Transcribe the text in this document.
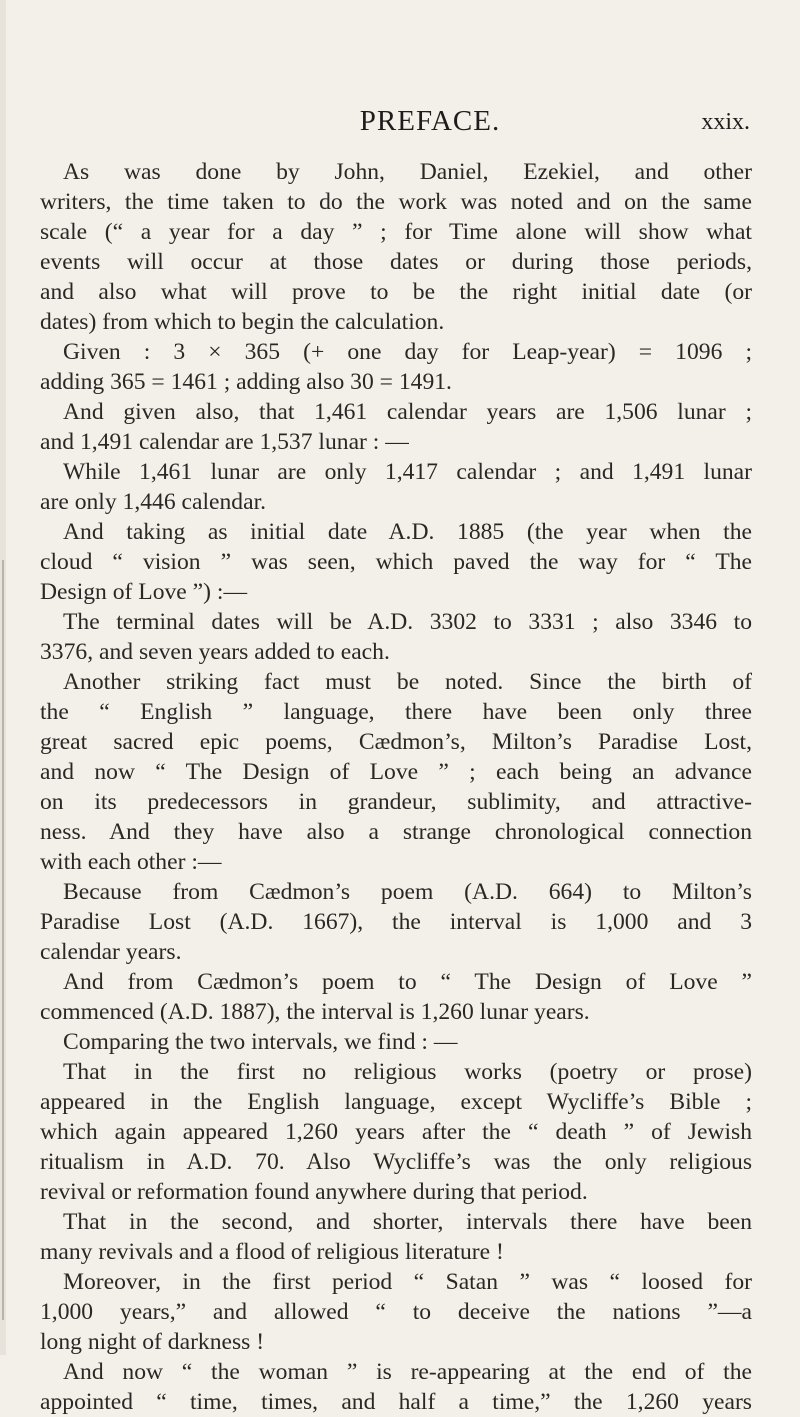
PREFACE.	xxix.
As was done by John, Daniel, Ezekiel, and other
writers, the time taken to do the work was noted and on the same
scale (“ a year for a day ” ; for Time alone will show what
events will occur at those dates or during those periods,
and also what will prove to be the right initial date (or
dates) from which to begin the calculation.
Given : 3 × 365 (+ one day for Leap-year) = 1096 ;
adding 365 = 1461 ; adding also 30 = 1491.
And given also, that 1,461 calendar years are 1,506 lunar ;
and 1,491 calendar are 1,537 lunar : —
While 1,461 lunar are only 1,417 calendar ; and 1,491 lunar
are only 1,446 calendar.
And taking as initial date A.D. 1885 (the year when the
cloud “ vision ” was seen, which paved the way for “ The
Design of Love ”) :—
The terminal dates will be A.D. 3302 to 3331 ; also 3346 to
3376, and seven years added to each.
Another striking fact must be noted. Since the birth of
the “ English ” language, there have been only three
great sacred epic poems, Cædmon’s, Milton’s Paradise Lost,
and now “ The Design of Love ” ; each being an advance
on its predecessors in grandeur, sublimity, and attractive-
ness. And they have also a strange chronological connection
with each other :—
Because from Cædmon’s poem (A.D. 664) to Milton’s
Paradise Lost (A.D. 1667), the interval is 1,000 and 3
calendar years.
And from Cædmon’s poem to “ The Design of Love ”
commenced (A.D. 1887), the interval is 1,260 lunar years.
Comparing the two intervals, we find : —
That in the first no religious works (poetry or prose)
appeared in the English language, except Wycliffe’s Bible ;
which again appeared 1,260 years after the “ death ” of Jewish
ritualism in A.D. 70. Also Wycliffe’s was the only religious
revival or reformation found anywhere during that period.
That in the second, and shorter, intervals there have been
many revivals and a flood of religious literature !
Moreover, in the first period “ Satan ” was “ loosed for
1,000 years,” and allowed “ to deceive the nations ”—a
long night of darkness !
And now “ the woman ” is re-appearing at the end of the
appointed “ time, times, and half a time,” the 1,260 years
